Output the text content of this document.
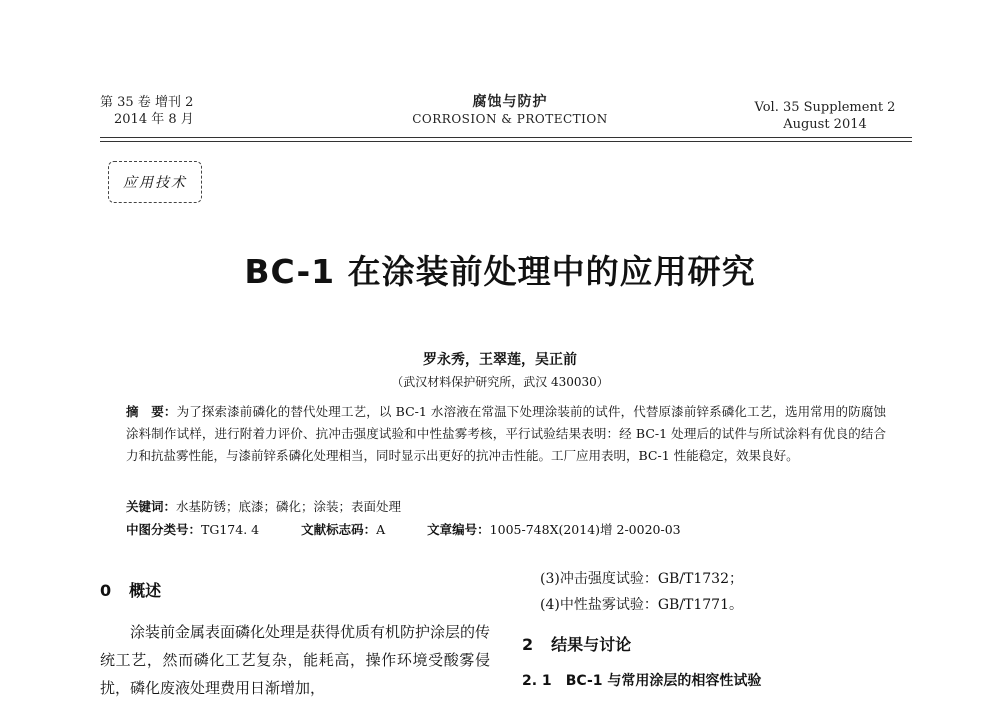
第 35 卷 增刊 2
2014 年 8 月
腐蚀与防护
CORROSION & PROTECTION
Vol. 35 Supplement 2
August 2014
应用技术
BC-1 在涂装前处理中的应用研究
罗永秀，王翠莲，吴正前
（武汉材料保护研究所，武汉 430030）
摘　要：为了探索漆前磷化的替代处理工艺，以 BC-1 水溶液在常温下处理涂装前的试件，代替原漆前锌系磷化工艺，选用常用的防腐蚀涂料制作试样，进行附着力评价、抗冲击强度试验和中性盐雾考核，平行试验结果表明：经 BC-1 处理后的试件与所试涂料有优良的结合力和抗盐雾性能，与漆前锌系磷化处理相当，同时显示出更好的抗冲击性能。工厂应用表明，BC-1 性能稳定，效果良好。
关键词：水基防锈；底漆；磷化；涂装；表面处理
中图分类号：TG174. 4	文献标志码：A	文章编号：1005-748X(2014)增 2-0020-03
0 概述

涂装前金属表面磷化处理是获得优质有机防护涂层的传统工艺，然而磷化工艺复杂，能耗高，操作环境受酸雾侵扰，磷化废液处理费用日渐增加，

(3)冲击强度试验：GB/T1732；
(4)中性盐雾试验：GB/T1771。
2 结果与讨论
2. 1 BC-1 与常用涂层的相容性试验
